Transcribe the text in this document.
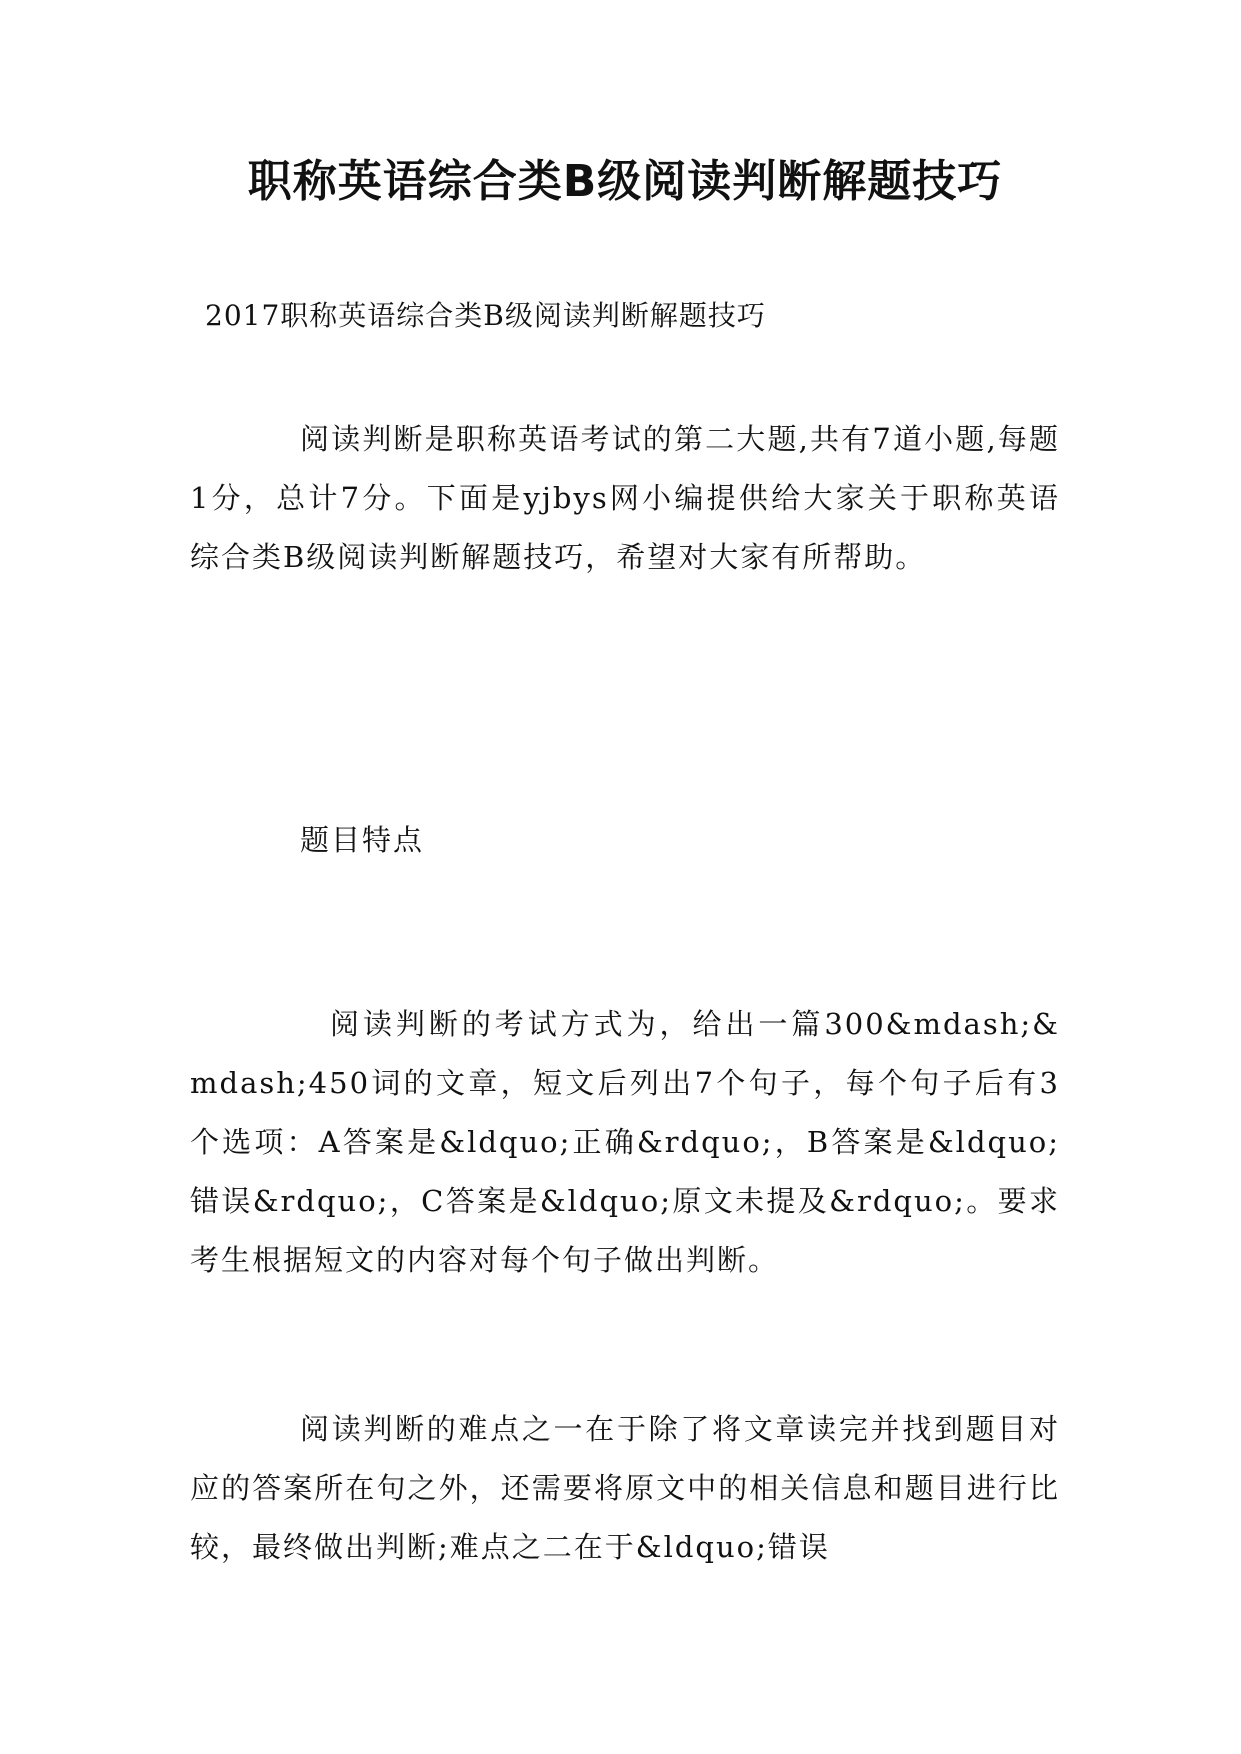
职称英语综合类B级阅读判断解题技巧

2017职称英语综合类B级阅读判断解题技巧

阅读判断是职称英语考试的第二大题,共有7道小题,每题1分，总计7分。下面是yjbys网小编提供给大家关于职称英语综合类B级阅读判断解题技巧，希望对大家有所帮助。

题目特点

阅读判断的考试方式为，给出一篇300&mdash;&mdash;450词的文章，短文后列出7个句子，每个句子后有3个选项：A答案是&ldquo;正确&rdquo;，B答案是&ldquo;错误&rdquo;，C答案是&ldquo;原文未提及&rdquo;。要求考生根据短文的内容对每个句子做出判断。

阅读判断的难点之一在于除了将文章读完并找到题目对应的答案所在句之外，还需要将原文中的相关信息和题目进行比较，最终做出判断;难点之二在于&ldquo;错误
